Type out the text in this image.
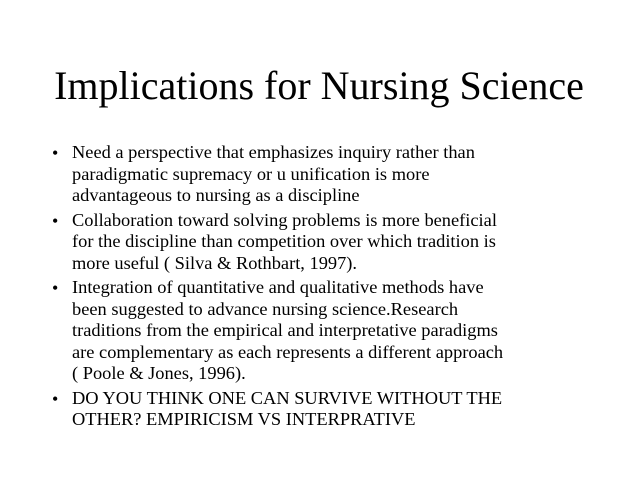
Implications for Nursing Science
• Need a perspective that emphasizes inquiry rather than
paradigmatic supremacy or u unification is more
advantageous to nursing as a discipline
• Collaboration toward solving problems is more beneficial
for the discipline than competition over which tradition is
more useful ( Silva & Rothbart, 1997).
• Integration of quantitative and qualitative methods have
been suggested to advance nursing science.Research
traditions from the empirical and interpretative paradigms
are complementary as each represents a different approach
( Poole & Jones, 1996).
• DO YOU THINK ONE CAN SURVIVE WITHOUT THE
OTHER? EMPIRICISM VS INTERPRATIVE
